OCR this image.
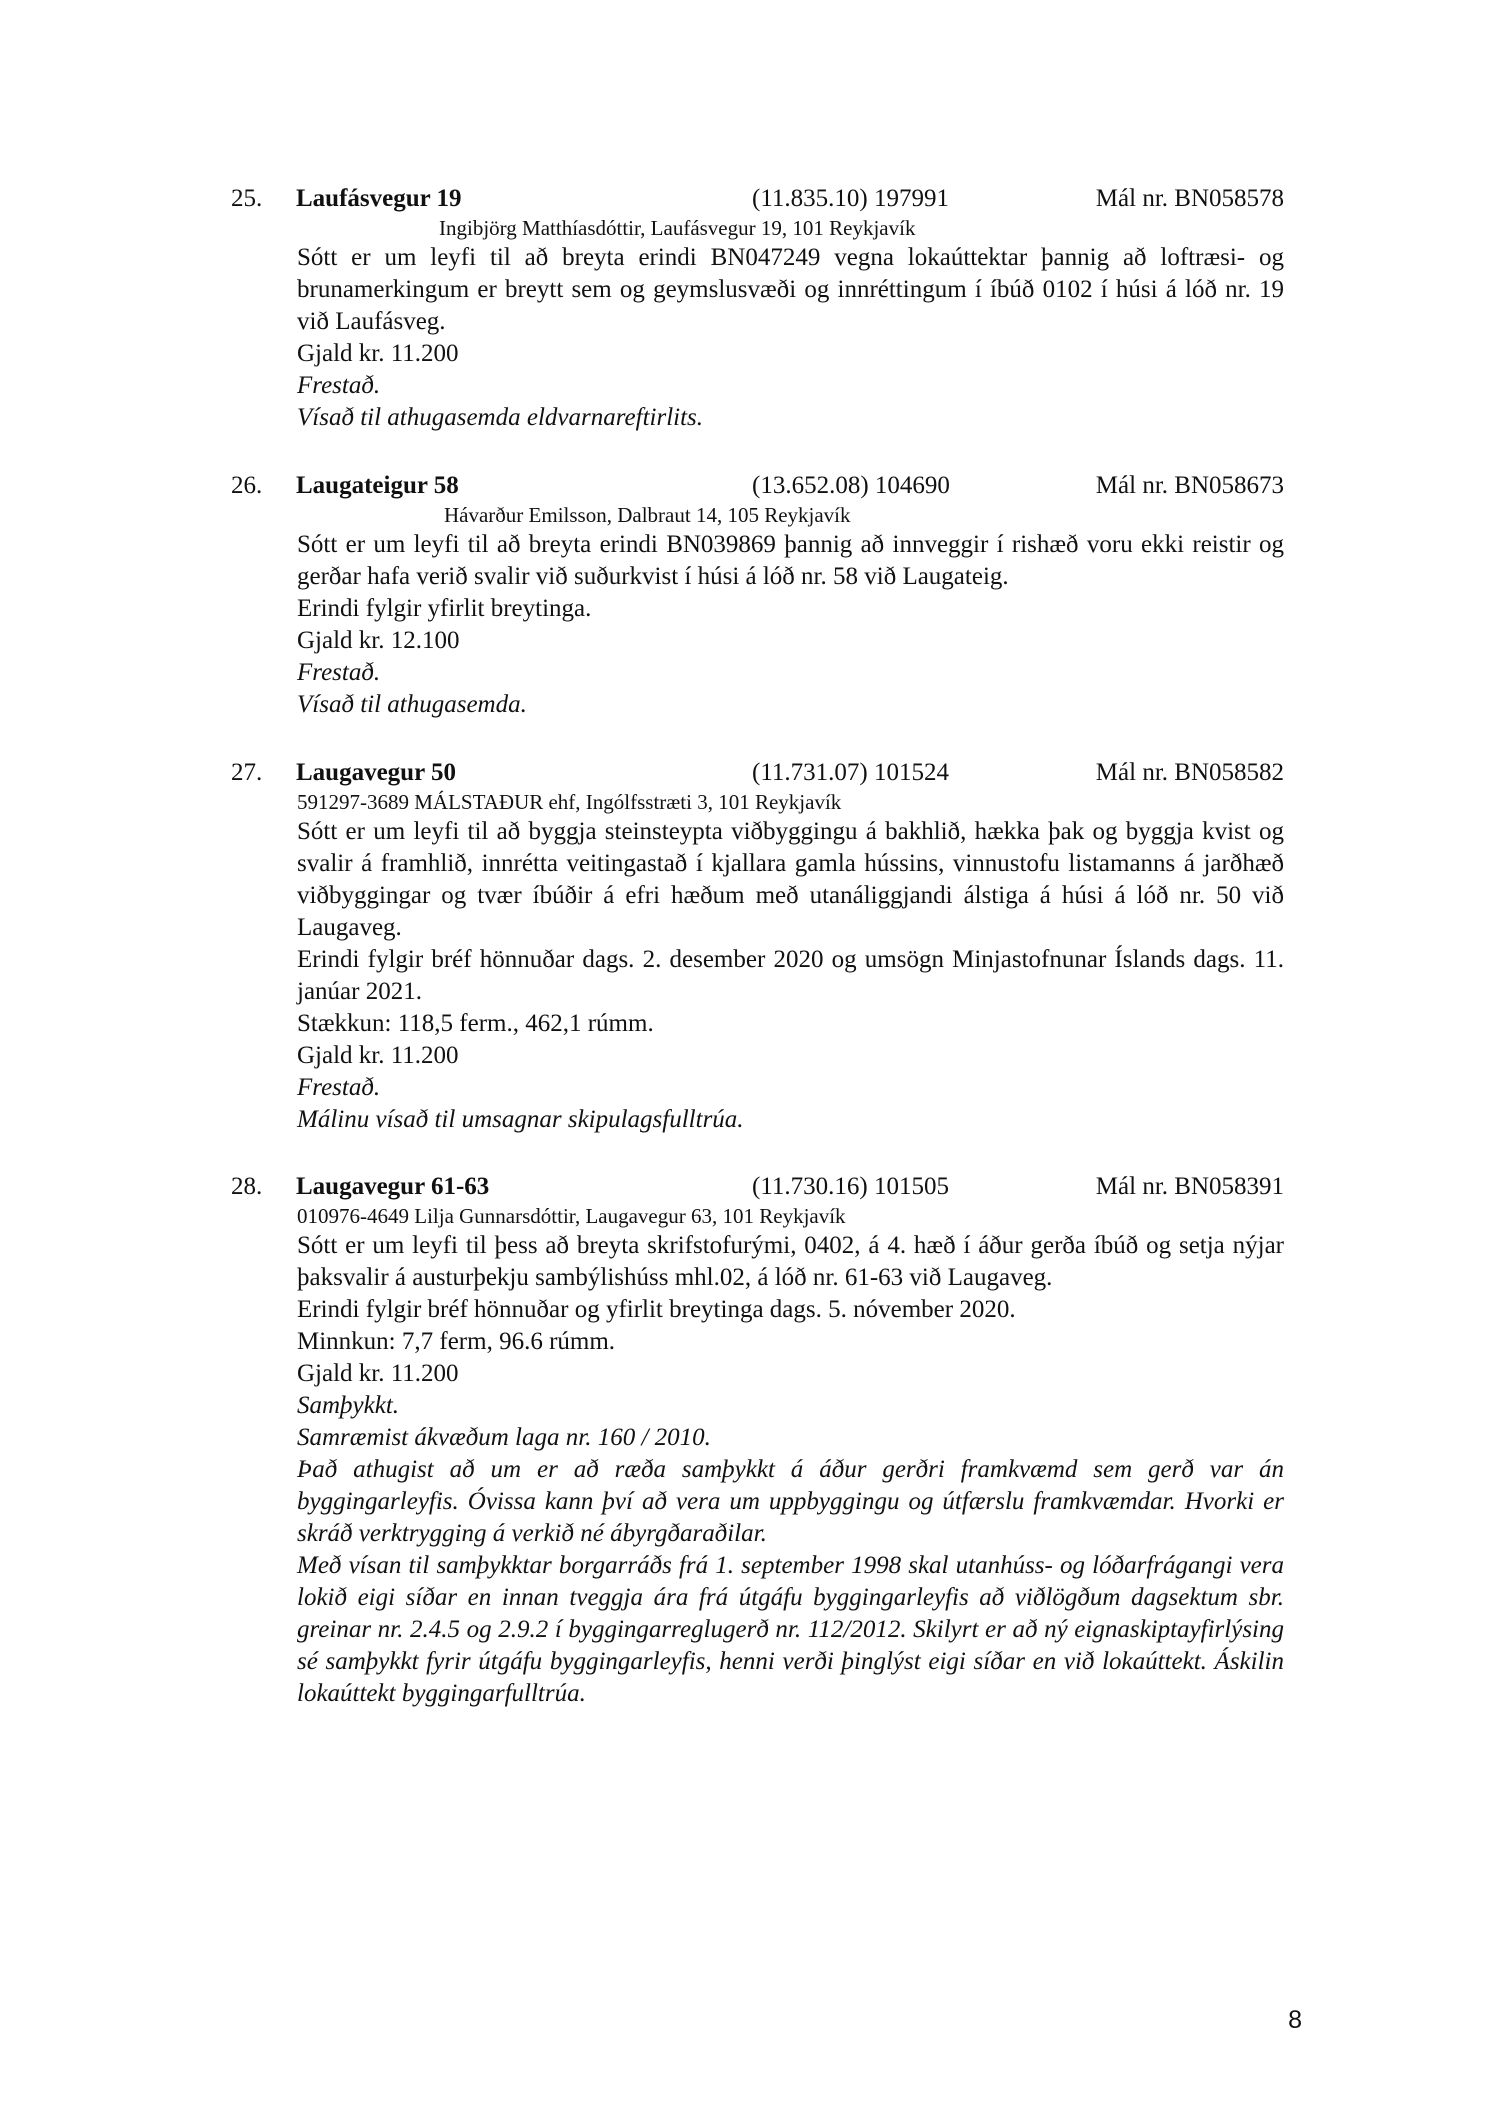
25. Laufásvegur 19	(11.835.10) 197991	Mál nr. BN058578
Ingibjörg Matthíasdóttir, Laufásvegur 19, 101 Reykjavík

Sótt er um leyfi til að breyta erindi BN047249 vegna lokaúttektar þannig að loftræsi- og brunamerkingum er breytt sem og geymslusvæði og innréttingum í íbúð 0102 í húsi á lóð nr. 19 við Laufásveg.

Gjald kr. 11.200

Frestað.

Vísað til athugasemda eldvarnareftirlits.

26. Laugateigur 58	(13.652.08) 104690	Mál nr. BN058673
Hávarður Emilsson, Dalbraut 14, 105 Reykjavík

Sótt er um leyfi til að breyta erindi BN039869 þannig að innveggir í rishæð voru ekki reistir og gerðar hafa verið svalir við suðurkvist í húsi á lóð nr. 58 við Laugateig.

Erindi fylgir yfirlit breytinga.

Gjald kr. 12.100

Frestað.

Vísað til athugasemda.

27. Laugavegur 50	(11.731.07) 101524	Mál nr. BN058582
591297-3689 MÁLSTAÐUR ehf, Ingólfsstræti 3, 101 Reykjavík

Sótt er um leyfi til að byggja steinsteypta viðbyggingu á bakhlið, hækka þak og byggja kvist og svalir á framhlið, innrétta veitingastað í kjallara gamla hússins, vinnustofu listamanns á jarðhæð viðbyggingar og tvær íbúðir á efri hæðum með utanáliggjandi álstiga á húsi á lóð nr. 50 við Laugaveg.

Erindi fylgir bréf hönnuðar dags. 2. desember 2020 og umsögn Minjastofnunar Íslands dags. 11. janúar 2021.

Stækkun: 118,5 ferm., 462,1 rúmm.

Gjald kr. 11.200

Frestað.

Málinu vísað til umsagnar skipulagsfulltrúa.

28. Laugavegur 61-63	(11.730.16) 101505	Mál nr. BN058391
010976-4649 Lilja Gunnarsdóttir, Laugavegur 63, 101 Reykjavík

Sótt er um leyfi til þess að breyta skrifstofurými, 0402, á 4. hæð í áður gerða íbúð og setja nýjar þaksvalir á austurþekju sambýlishúss mhl.02, á lóð nr. 61-63 við Laugaveg.

Erindi fylgir bréf hönnuðar og yfirlit breytinga dags. 5. nóvember 2020.

Minnkun: 7,7 ferm, 96.6 rúmm.

Gjald kr. 11.200

Samþykkt.

Samræmist ákvæðum laga nr. 160 / 2010.

Það athugist að um er að ræða samþykkt á áður gerðri framkvæmd sem gerð var án byggingarleyfis. Óvissa kann því að vera um uppbyggingu og útfærslu framkvæmdar. Hvorki er skráð verktrygging á verkið né ábyrgðaraðilar.

Með vísan til samþykktar borgarráðs frá 1. september 1998 skal utanhúss- og lóðarfrágangi vera lokið eigi síðar en innan tveggja ára frá útgáfu byggingarleyfis að viðlögðum dagsektum sbr. greinar nr. 2.4.5 og 2.9.2 í byggingarreglugerð nr. 112/2012. Skilyrt er að ný eignaskiptayfirlýsing sé samþykkt fyrir útgáfu byggingarleyfis, henni verði þinglýst eigi síðar en við lokaúttekt. Áskilin lokaúttekt byggingarfulltrúa.

8
